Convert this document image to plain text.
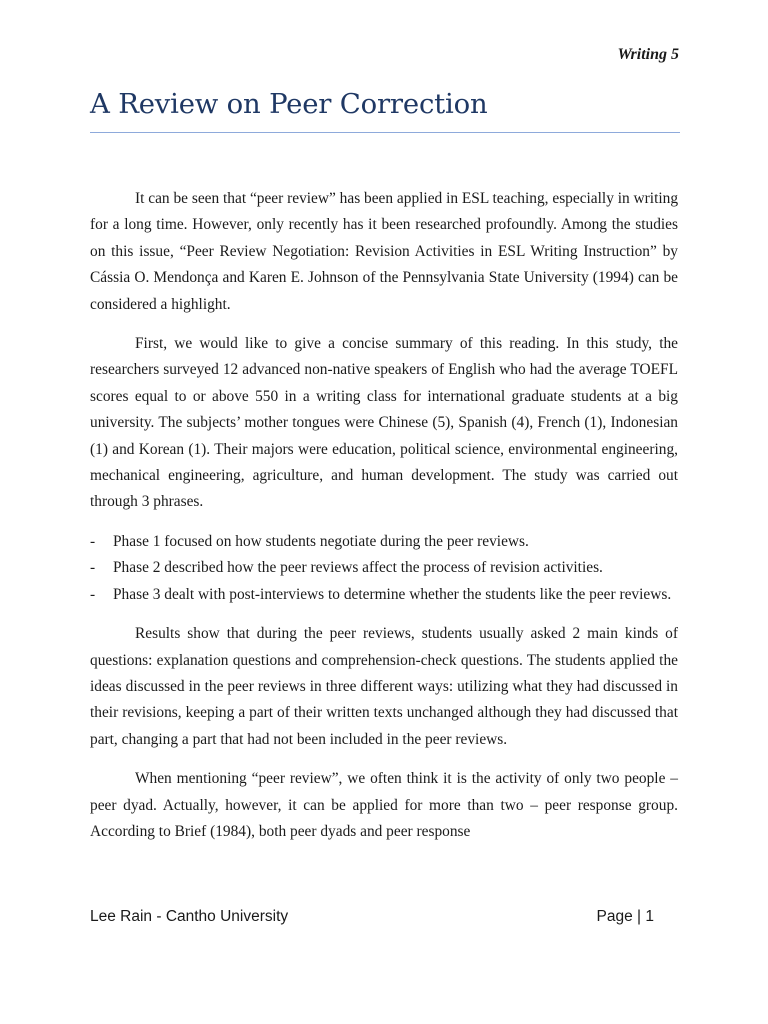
Writing 5
A Review on Peer Correction

It can be seen that “peer review” has been applied in ESL teaching, especially in writing for a long time. However, only recently has it been researched profoundly. Among the studies on this issue, “Peer Review Negotiation: Revision Activities in ESL Writing Instruction” by Cássia O. Mendonça and Karen E. Johnson of the Pennsylvania State University (1994) can be considered a highlight.

First, we would like to give a concise summary of this reading. In this study, the researchers surveyed 12 advanced non-native speakers of English who had the average TOEFL scores equal to or above 550 in a writing class for international graduate students at a big university. The subjects’ mother tongues were Chinese (5), Spanish (4), French (1), Indonesian (1) and Korean (1). Their majors were education, political science, environmental engineering, mechanical engineering, agriculture, and human development. The study was carried out through 3 phrases.

- Phase 1 focused on how students negotiate during the peer reviews.
- Phase 2 described how the peer reviews affect the process of revision activities.
- Phase 3 dealt with post-interviews to determine whether the students like the peer reviews.

Results show that during the peer reviews, students usually asked 2 main kinds of questions: explanation questions and comprehension-check questions. The students applied the ideas discussed in the peer reviews in three different ways: utilizing what they had discussed in their revisions, keeping a part of their written texts unchanged although they had discussed that part, changing a part that had not been included in the peer reviews.

When mentioning “peer review”, we often think it is the activity of only two people – peer dyad. Actually, however, it can be applied for more than two – peer response group. According to Brief (1984), both peer dyads and peer response

Lee Rain - Cantho University	Page | 1
